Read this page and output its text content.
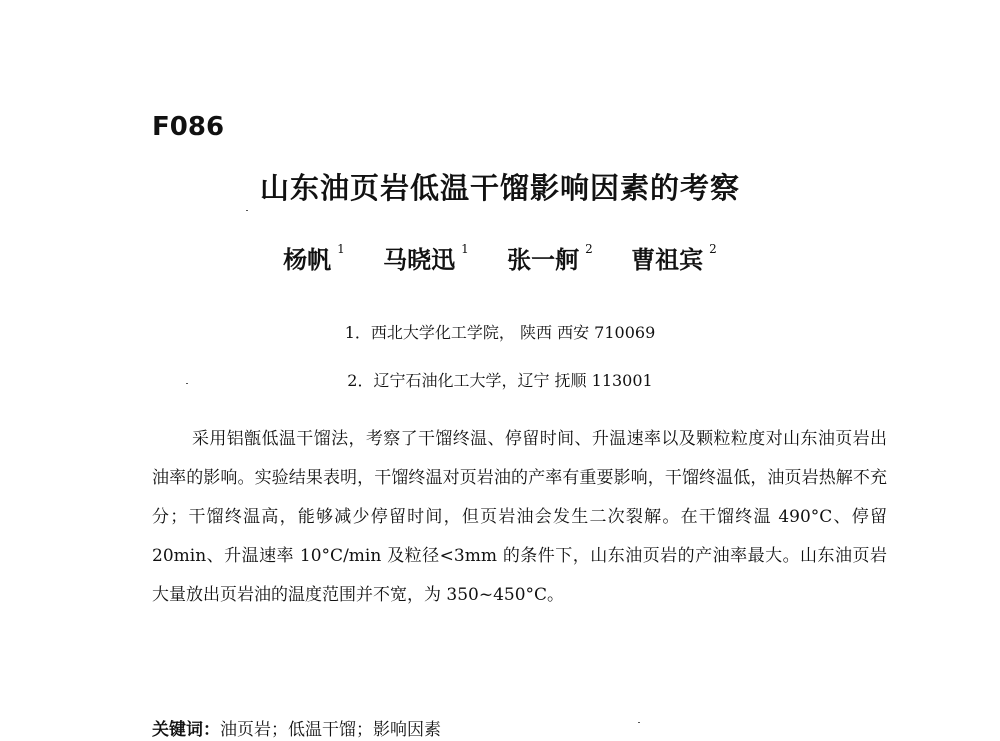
F086
山东油页岩低温干馏影响因素的考察
杨帆 $^1$ 马晓迅 $^1$ 张一舸 $^2$ 曹祖宾 $^2$
1．西北大学化工学院， 陕西 西安 710069
2．辽宁石油化工大学，辽宁 抚顺 113001

采用铝甑低温干馏法，考察了干馏终温、停留时间、升温速率以及颗粒粒度对山东油页岩出油率的影响。实验结果表明，干馏终温对页岩油的产率有重要影响，干馏终温低，油页岩热解不充分；干馏终温高，能够减少停留时间，但页岩油会发生二次裂解。在干馏终温 490°C、停留 20min、升温速率 10°C/min 及粒径<3mm 的条件下，山东油页岩的产油率最大。山东油页岩大量放出页岩油的温度范围并不宽，为 350~450°C。

关键词：油页岩；低温干馏；影响因素
